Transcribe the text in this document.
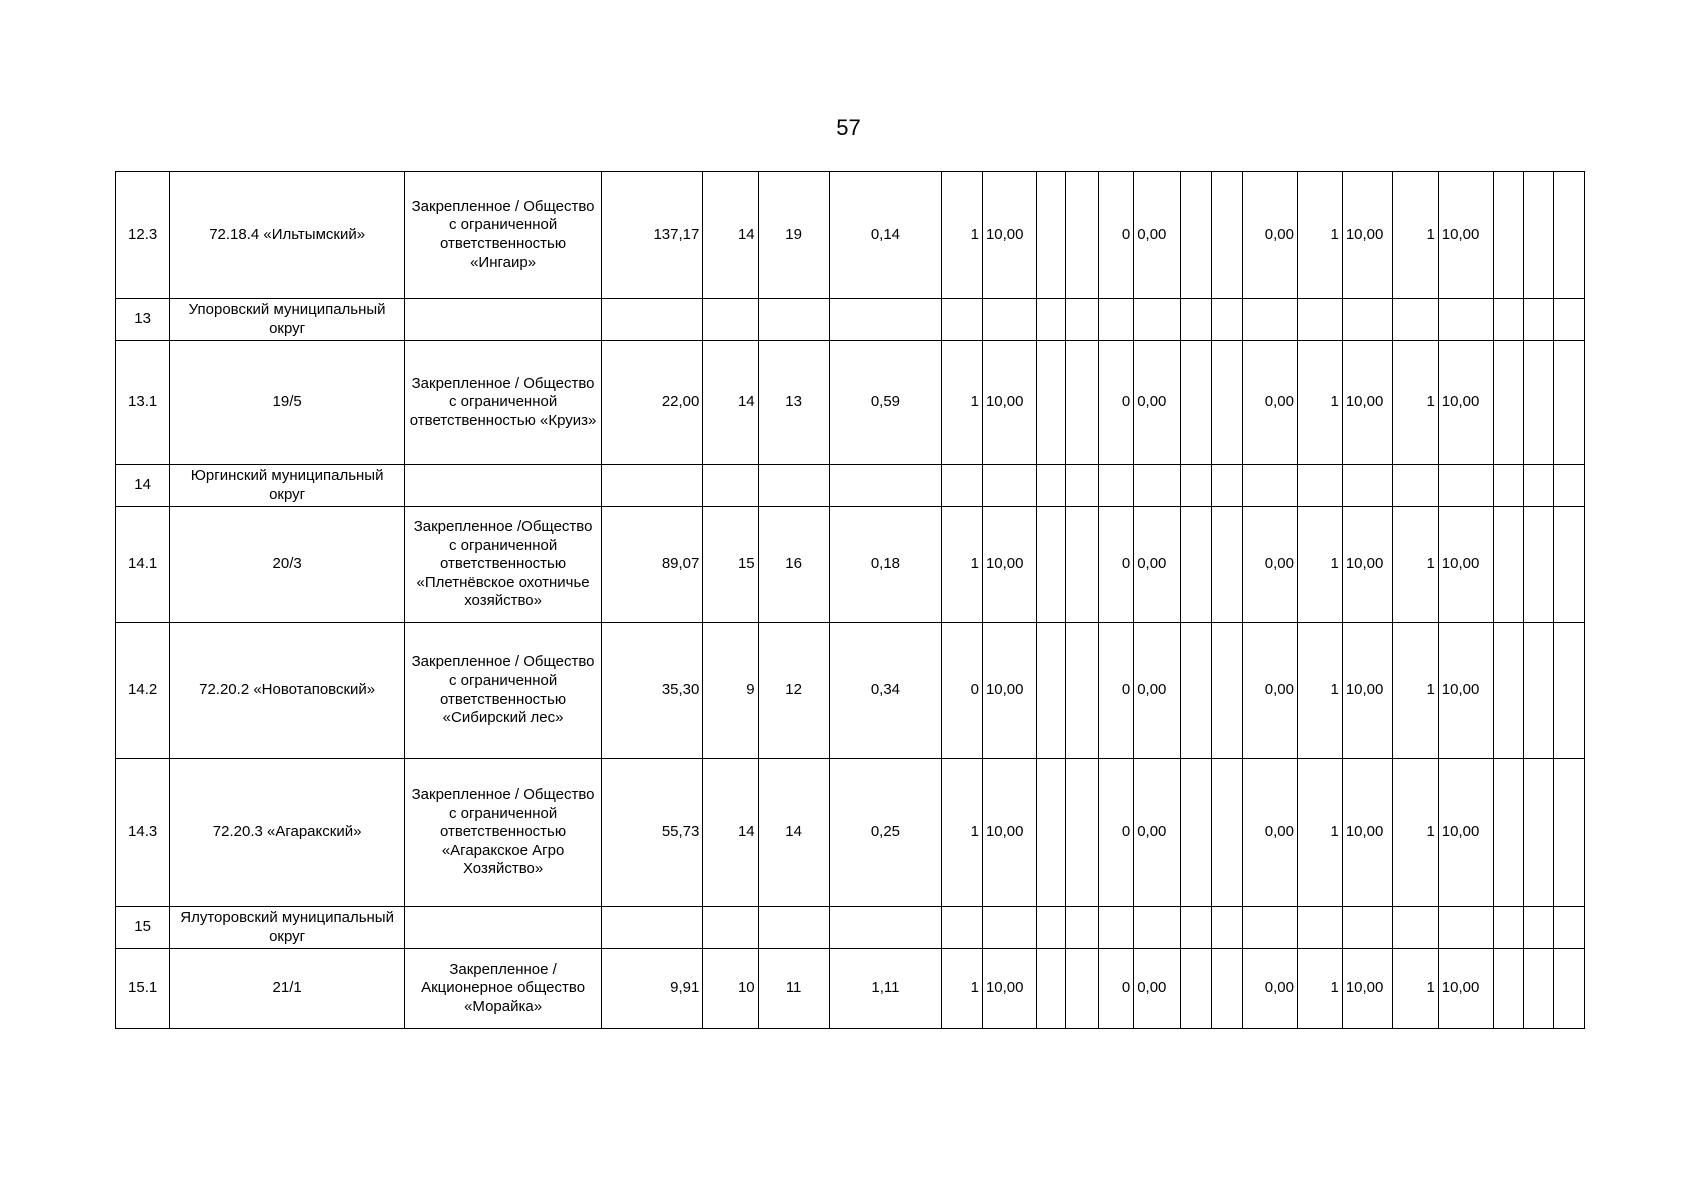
57
12.3	72.18.4 «Ильтымский»	Закрепленное / Общество с ограниченной ответственностью «Ингаир»	137,17	14	19	0,14	1	10,00			0	0,00			0,00	1	10,00	1	10,00			
13	Упоровский муниципальный округ																					
13.1	19/5	Закрепленное / Общество с ограниченной ответственностью «Круиз»	22,00	14	13	0,59	1	10,00			0	0,00			0,00	1	10,00	1	10,00			
14	Юргинский муниципальный округ																					
14.1	20/3	Закрепленное /Общество с ограниченной ответственностью «Плетнёвское охотничье хозяйство»	89,07	15	16	0,18	1	10,00			0	0,00			0,00	1	10,00	1	10,00			
14.2	72.20.2 «Новотаповский»	Закрепленное / Общество с ограниченной ответственностью «Сибирский лес»	35,30	9	12	0,34	0	10,00			0	0,00			0,00	1	10,00	1	10,00			
14.3	72.20.3 «Агаракский»	Закрепленное / Общество с ограниченной ответственностью «Агаракское Агро Хозяйство»	55,73	14	14	0,25	1	10,00			0	0,00			0,00	1	10,00	1	10,00			
15	Ялуторовский муниципальный округ																					
15.1	21/1	Закрепленное / Акционерное общество «Морайка»	9,91	10	11	1,11	1	10,00			0	0,00			0,00	1	10,00	1	10,00			
